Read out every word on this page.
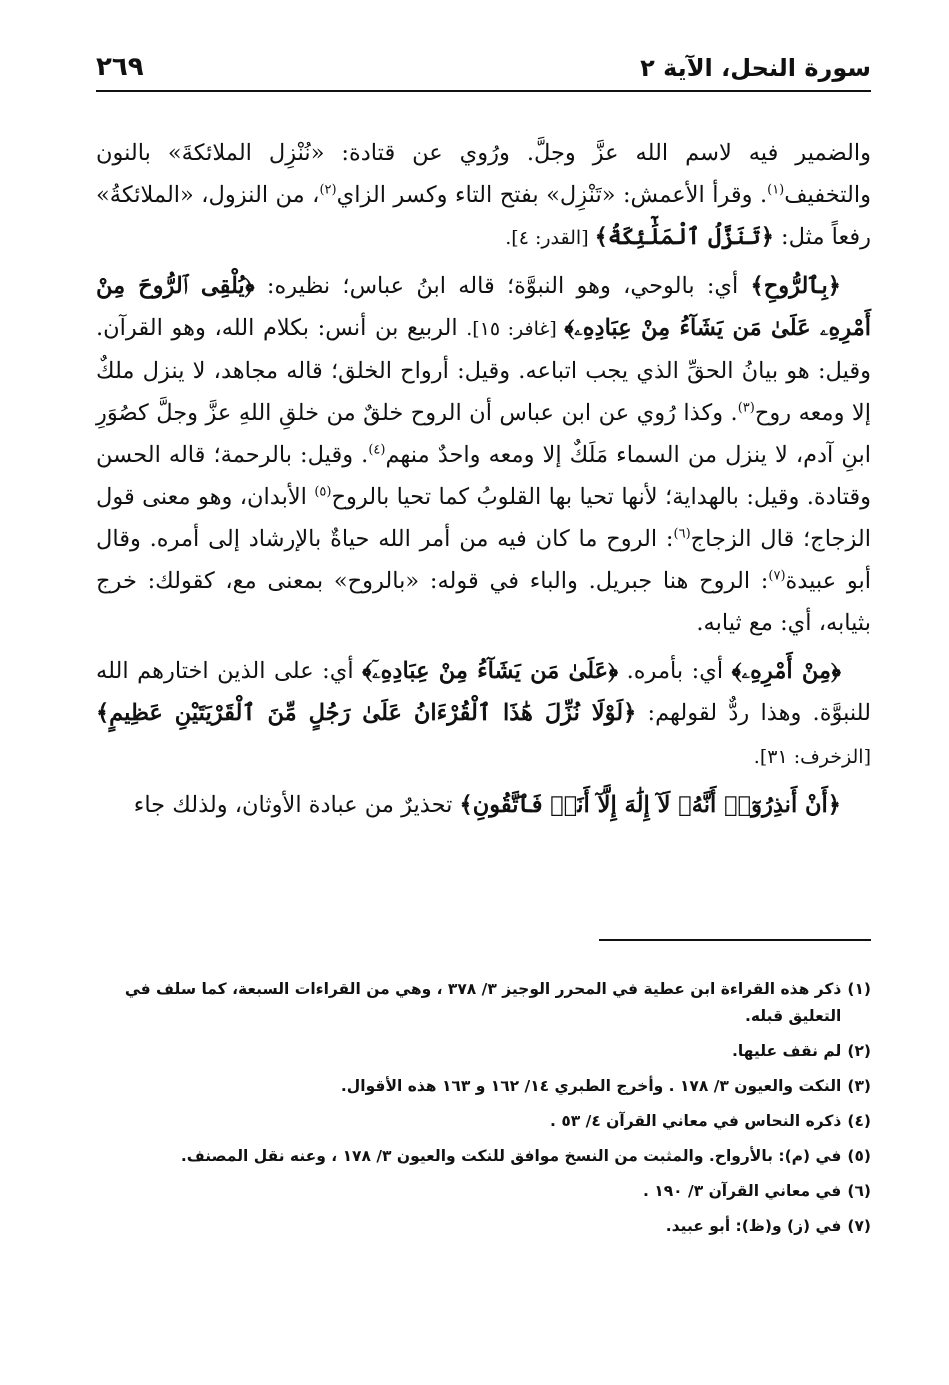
سورة النحل، الآية ٢
٢٦٩

والضمير فيه لاسم الله عزَّ وجلَّ. ورُوي عن قتادة: «نُنْزِل الملائكةَ» بالنون والتخفيف$^{(١)}$. وقرأ الأعمش: «تَنْزِل» بفتح التاء وكسر الزاي$^{(٢)}$، من النزول، «الملائكةُ» رفعاً مثل: ﴿تَنَزَّلُ ٱلْمَلَٰٓئِكَةُ﴾ [القدر: ٤].

﴿بِٱلرُّوحِ﴾ أي: بالوحي، وهو النبوَّة؛ قاله ابنُ عباس؛ نظيره: ﴿يُلْقِى ٱلرُّوحَ مِنْ أَمْرِهِۦ عَلَىٰ مَن يَشَآءُ مِنْ عِبَادِهِۦ﴾ [غافر: ١٥]. الربيع بن أنس: بكلام الله، وهو القرآن. وقيل: هو بيانُ الحقِّ الذي يجب اتباعه. وقيل: أرواح الخلق؛ قاله مجاهد، لا ينزل ملكٌ إلا ومعه روح$^{(٣)}$. وكذا رُوي عن ابن عباس أن الروح خلقٌ من خلقِ اللهِ عزَّ وجلَّ كصُوَرِ ابنِ آدم، لا ينزل من السماء مَلَكٌ إلا ومعه واحدٌ منهم$^{(٤)}$. وقيل: بالرحمة؛ قاله الحسن وقتادة. وقيل: بالهداية؛ لأنها تحيا بها القلوبُ كما تحيا بالروح$^{(٥)}$ الأبدان، وهو معنى قول الزجاج؛ قال الزجاج$^{(٦)}$: الروح ما كان فيه من أمر الله حياةٌ بالإرشاد إلى أمره. وقال أبو عبيدة$^{(٧)}$: الروح هنا جبريل. والباء في قوله: «بالروح» بمعنى مع، كقولك: خرج بثيابه، أي: مع ثيابه.

﴿مِنْ أَمْرِهِۦ﴾ أي: بأمره. ﴿عَلَىٰ مَن يَشَآءُ مِنْ عِبَادِهِۦٓ﴾ أي: على الذين اختارهم الله للنبوَّة. وهذا ردٌّ لقولهم: ﴿لَوْلَا نُزِّلَ هَٰذَا ٱلْقُرْءَانُ عَلَىٰ رَجُلٍ مِّنَ ٱلْقَرْيَتَيْنِ عَظِيمٍ﴾ [الزخرف: ٣١].

﴿أَنْ أَنذِرُوٓا۟ أَنَّهُۥ لَآ إِلَٰهَ إِلَّآ أَنَا۠ فَٱتَّقُونِ﴾ تحذيرٌ من عبادة الأوثان، ولذلك جاء

(١)
ذكر هذه القراءة ابن عطية في المحرر الوجيز ٣/ ٣٧٨ ، وهي من القراءات السبعة، كما سلف في التعليق قبله.
(٢)
لم نقف عليها.
(٣)
النكت والعيون ٣/ ١٧٨ . وأخرج الطبري ١٤/ ١٦٢ و ١٦٣ هذه الأقوال.
(٤)
ذكره النحاس في معاني القرآن ٤/ ٥٣ .
(٥)
في (م): بالأرواح. والمثبت من النسخ موافق للنكت والعيون ٣/ ١٧٨ ، وعنه نقل المصنف.
(٦)
في معاني القرآن ٣/ ١٩٠ .
(٧)
في (ز) و(ظ): أبو عبيد.
